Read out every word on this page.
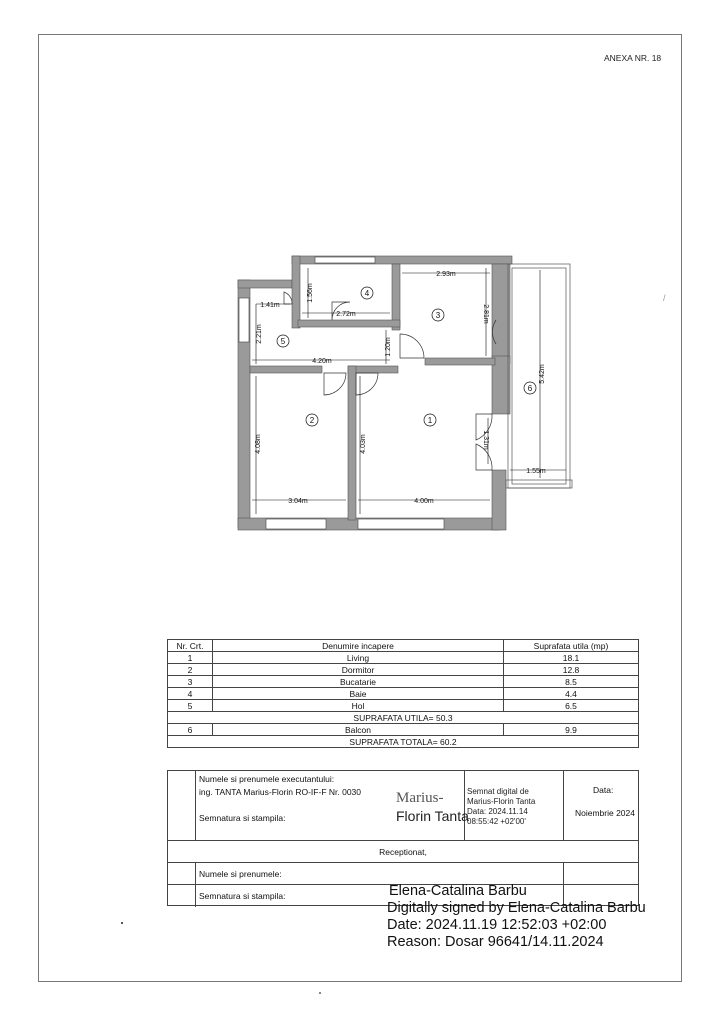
ANEXA NR. 18
/
2.93m
1.56m
1.41m
2.72m	2.81m
2.21m
4.20m
1.20m
5.42m
4.08m	4.03m	1.31m
1.55m
3.04m	4.00m
1
2
3
4
5
6
Nr. Crt.	Denumire incapere	Suprafata utila (mp)
1	Living	18.1
2	Dormitor	12.8
3	Bucatarie	8.5
4	Baie	4.4
5	Hol	6.5
SUPRAFATA UTILA= 50.3		
6	Balcon	9.9
SUPRAFATA TOTALA= 60.2		
Numele si prenumele executantului:
ing. TANTA Marius-Florin RO-IF-F Nr. 0030
Semnatura si stampila:
Data:
Noiembrie 2024
Receptionat,
Numele si prenumele:
Semnatura si stampila:
Marius-
Florin Tanta
Semnat digital de
Marius-Florin Tanta
Data: 2024.11.14
08:55:42 +02'00'
Elena-Catalina Barbu
Digitally signed by Elena-Catalina Barbu
Date: 2024.11.19 12:52:03 +02:00
Reason: Dosar 96641/14.11.2024
